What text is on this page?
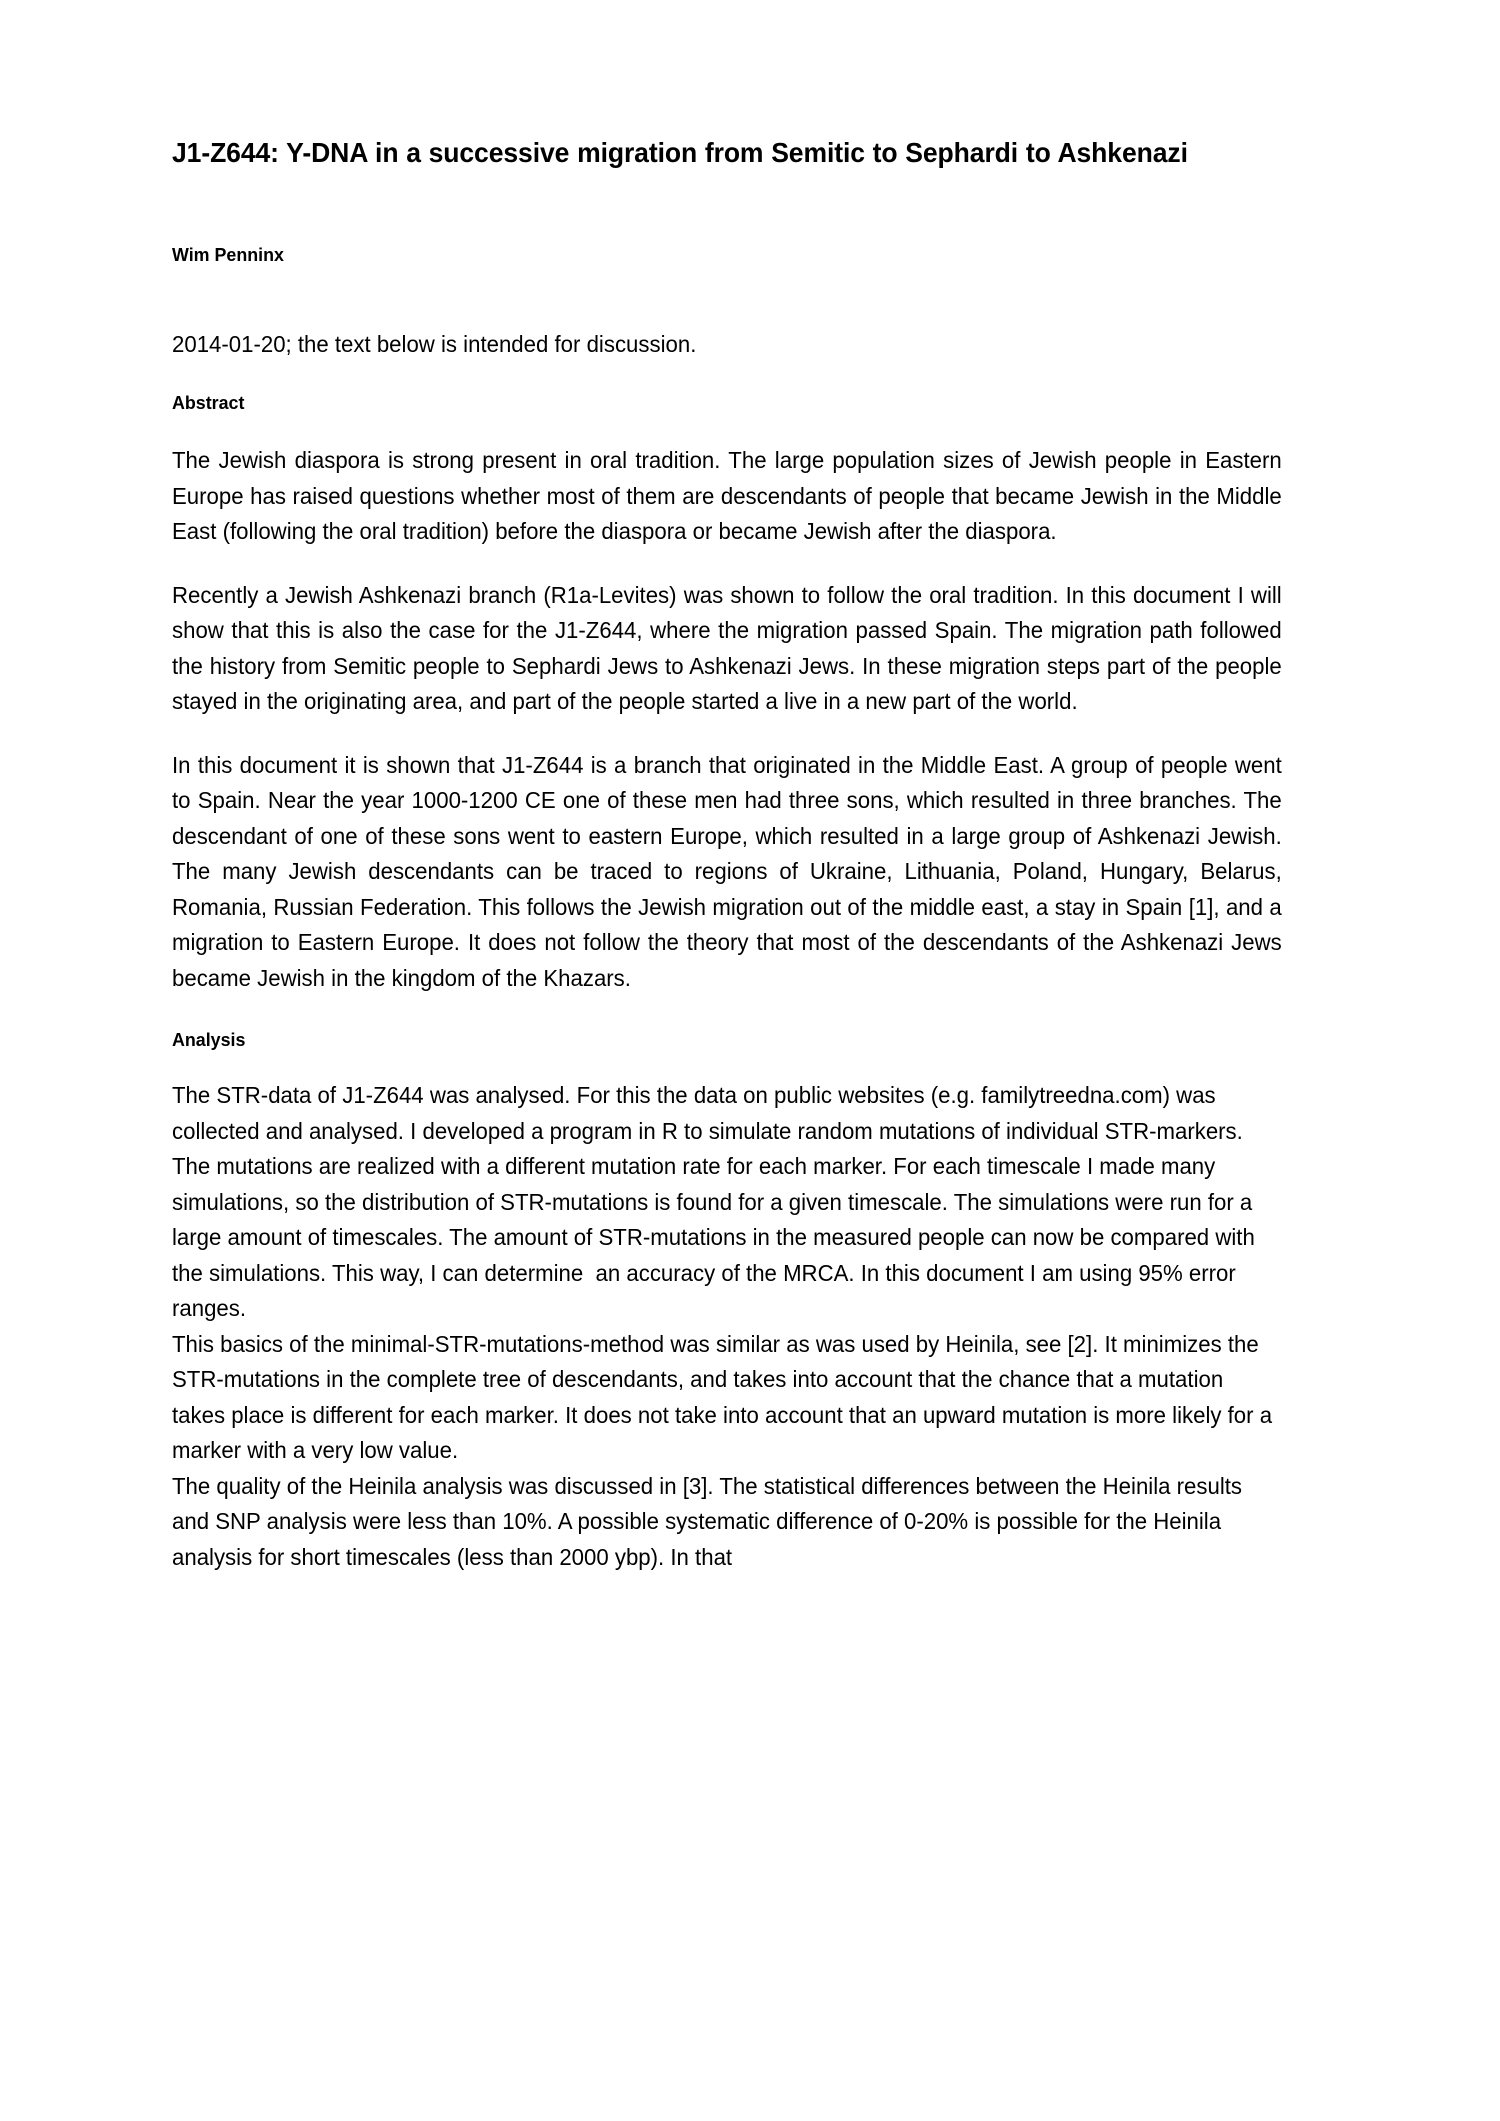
J1-Z644: Y-DNA in a successive migration from Semitic to Sephardi to Ashkenazi

Wim Penninx

2014-01-20; the text below is intended for discussion.

Abstract

The Jewish diaspora is strong present in oral tradition. The large population sizes of Jewish people in Eastern Europe has raised questions whether most of them are descendants of people that became Jewish in the Middle East (following the oral tradition) before the diaspora or became Jewish after the diaspora.

Recently a Jewish Ashkenazi branch (R1a-Levites) was shown to follow the oral tradition. In this document I will show that this is also the case for the J1-Z644, where the migration passed Spain. The migration path followed the history from Semitic people to Sephardi Jews to Ashkenazi Jews. In these migration steps part of the people stayed in the originating area, and part of the people started a live in a new part of the world.

In this document it is shown that J1-Z644 is a branch that originated in the Middle East. A group of people went to Spain. Near the year 1000-1200 CE one of these men had three sons, which resulted in three branches. The descendant of one of these sons went to eastern Europe, which resulted in a large group of Ashkenazi Jewish. The many Jewish descendants can be traced to regions of Ukraine, Lithuania, Poland, Hungary, Belarus, Romania, Russian Federation. This follows the Jewish migration out of the middle east, a stay in Spain [1], and a migration to Eastern Europe. It does not follow the theory that most of the descendants of the Ashkenazi Jews became Jewish in the kingdom of the Khazars.

Analysis

The STR-data of J1-Z644 was analysed. For this the data on public websites (e.g. familytreedna.com) was collected and analysed. I developed a program in R to simulate random mutations of individual STR-markers. The mutations are realized with a different mutation rate for each marker. For each timescale I made many simulations, so the distribution of STR-mutations is found for a given timescale. The simulations were run for a large amount of timescales. The amount of STR-mutations in the measured people can now be compared with the simulations. This way, I can determine  an accuracy of the MRCA. In this document I am using 95% error ranges.

This basics of the minimal-STR-mutations-method was similar as was used by Heinila, see [2]. It minimizes the STR-mutations in the complete tree of descendants, and takes into account that the chance that a mutation takes place is different for each marker. It does not take into account that an upward mutation is more likely for a marker with a very low value.

The quality of the Heinila analysis was discussed in [3]. The statistical differences between the Heinila results and SNP analysis were less than 10%. A possible systematic difference of 0-20% is possible for the Heinila analysis for short timescales (less than 2000 ybp). In that
